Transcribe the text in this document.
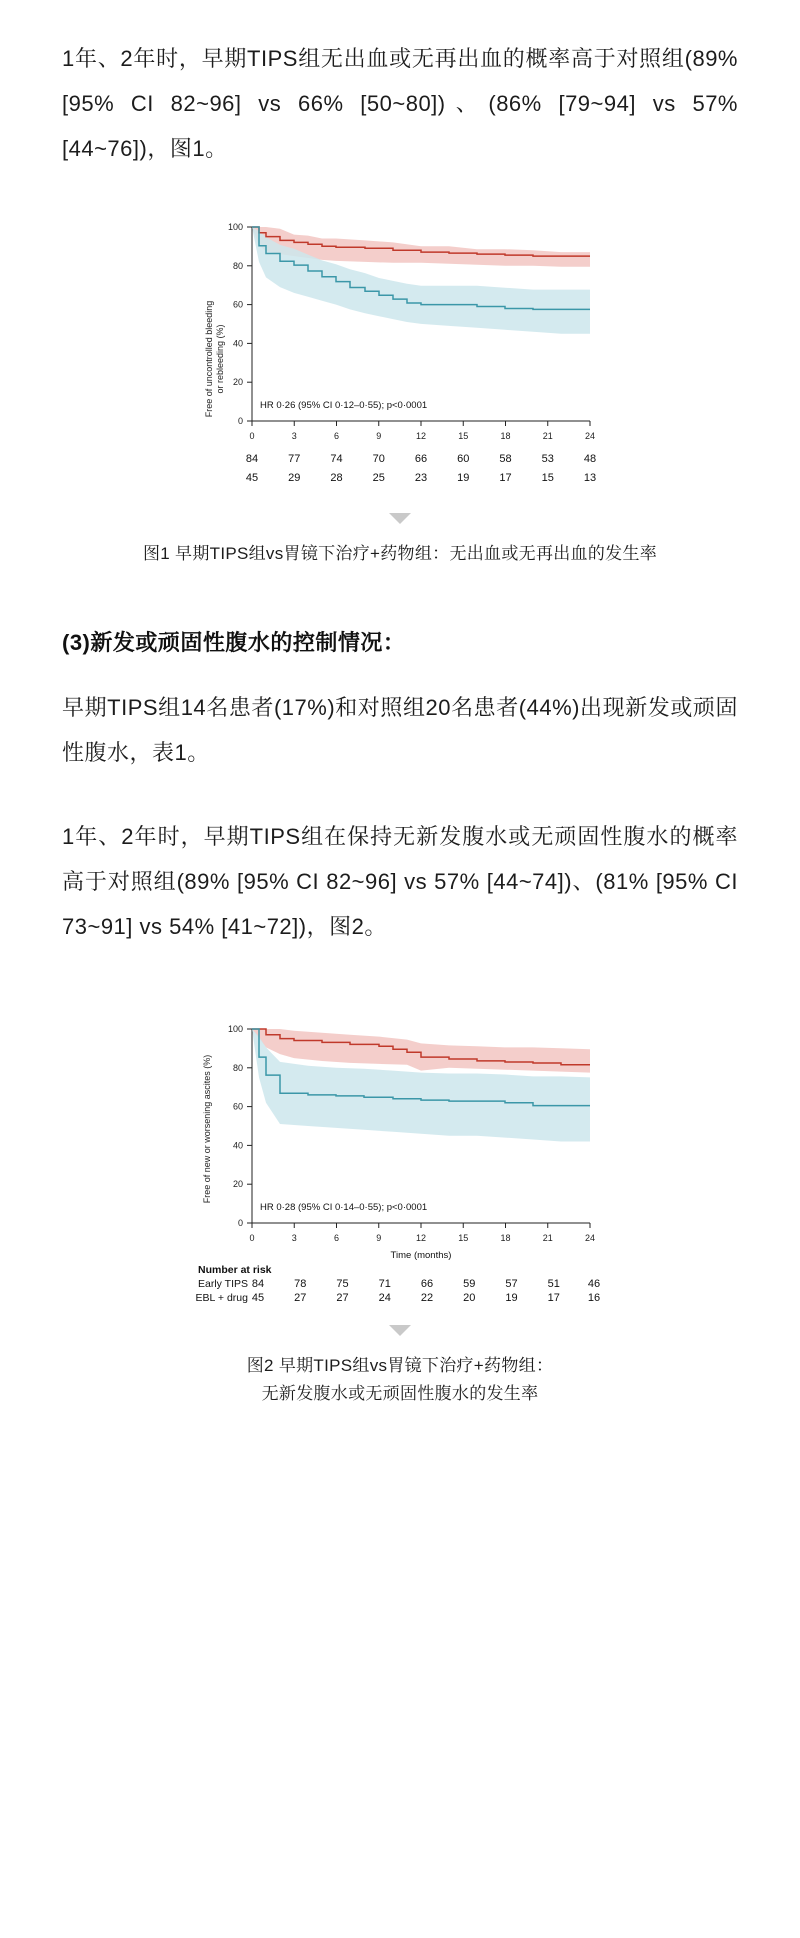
1年、2年时，早期TIPS组无出血或无再出血的概率高于对照组(89% [95% CI 82~96] vs 66% [50~80])、(86% [79~94] vs 57% [44~76])，图1。

Free of uncontrolled bleeding or rebleeding (%)
0
20
40
60
80
100
0	3	6	9	12	15	18	21	24
HR 0·26 (95% CI 0·12–0·55); p<0·0001
84	77	74	70	66	60	58	53	48
45	29	28	25	23	19	17	15	13
图1 早期TIPS组vs胃镜下治疗+药物组：无出血或无再出血的发生率
(3)新发或顽固性腹水的控制情况：

早期TIPS组14名患者(17%)和对照组20名患者(44%)出现新发或顽固性腹水，表1。

1年、2年时，早期TIPS组在保持无新发腹水或无顽固性腹水的概率高于对照组(89% [95% CI 82~96] vs 57% [44~74])、(81% [95% CI 73~91] vs 54% [41~72])，图2。

Free of new or worsening ascites (%)
0
20
40
60
80
100
0	3	6	9	12	15	18	21	24
Time (months)
HR 0·28 (95% CI 0·14–0·55); p<0·0001
Number at risk
Early TIPS
EBL + drug
84	78	75	71	66	59	57	51	46
45	27	27	24	22	20	19	17	16
图2 早期TIPS组vs胃镜下治疗+药物组：
无新发腹水或无顽固性腹水的发生率
